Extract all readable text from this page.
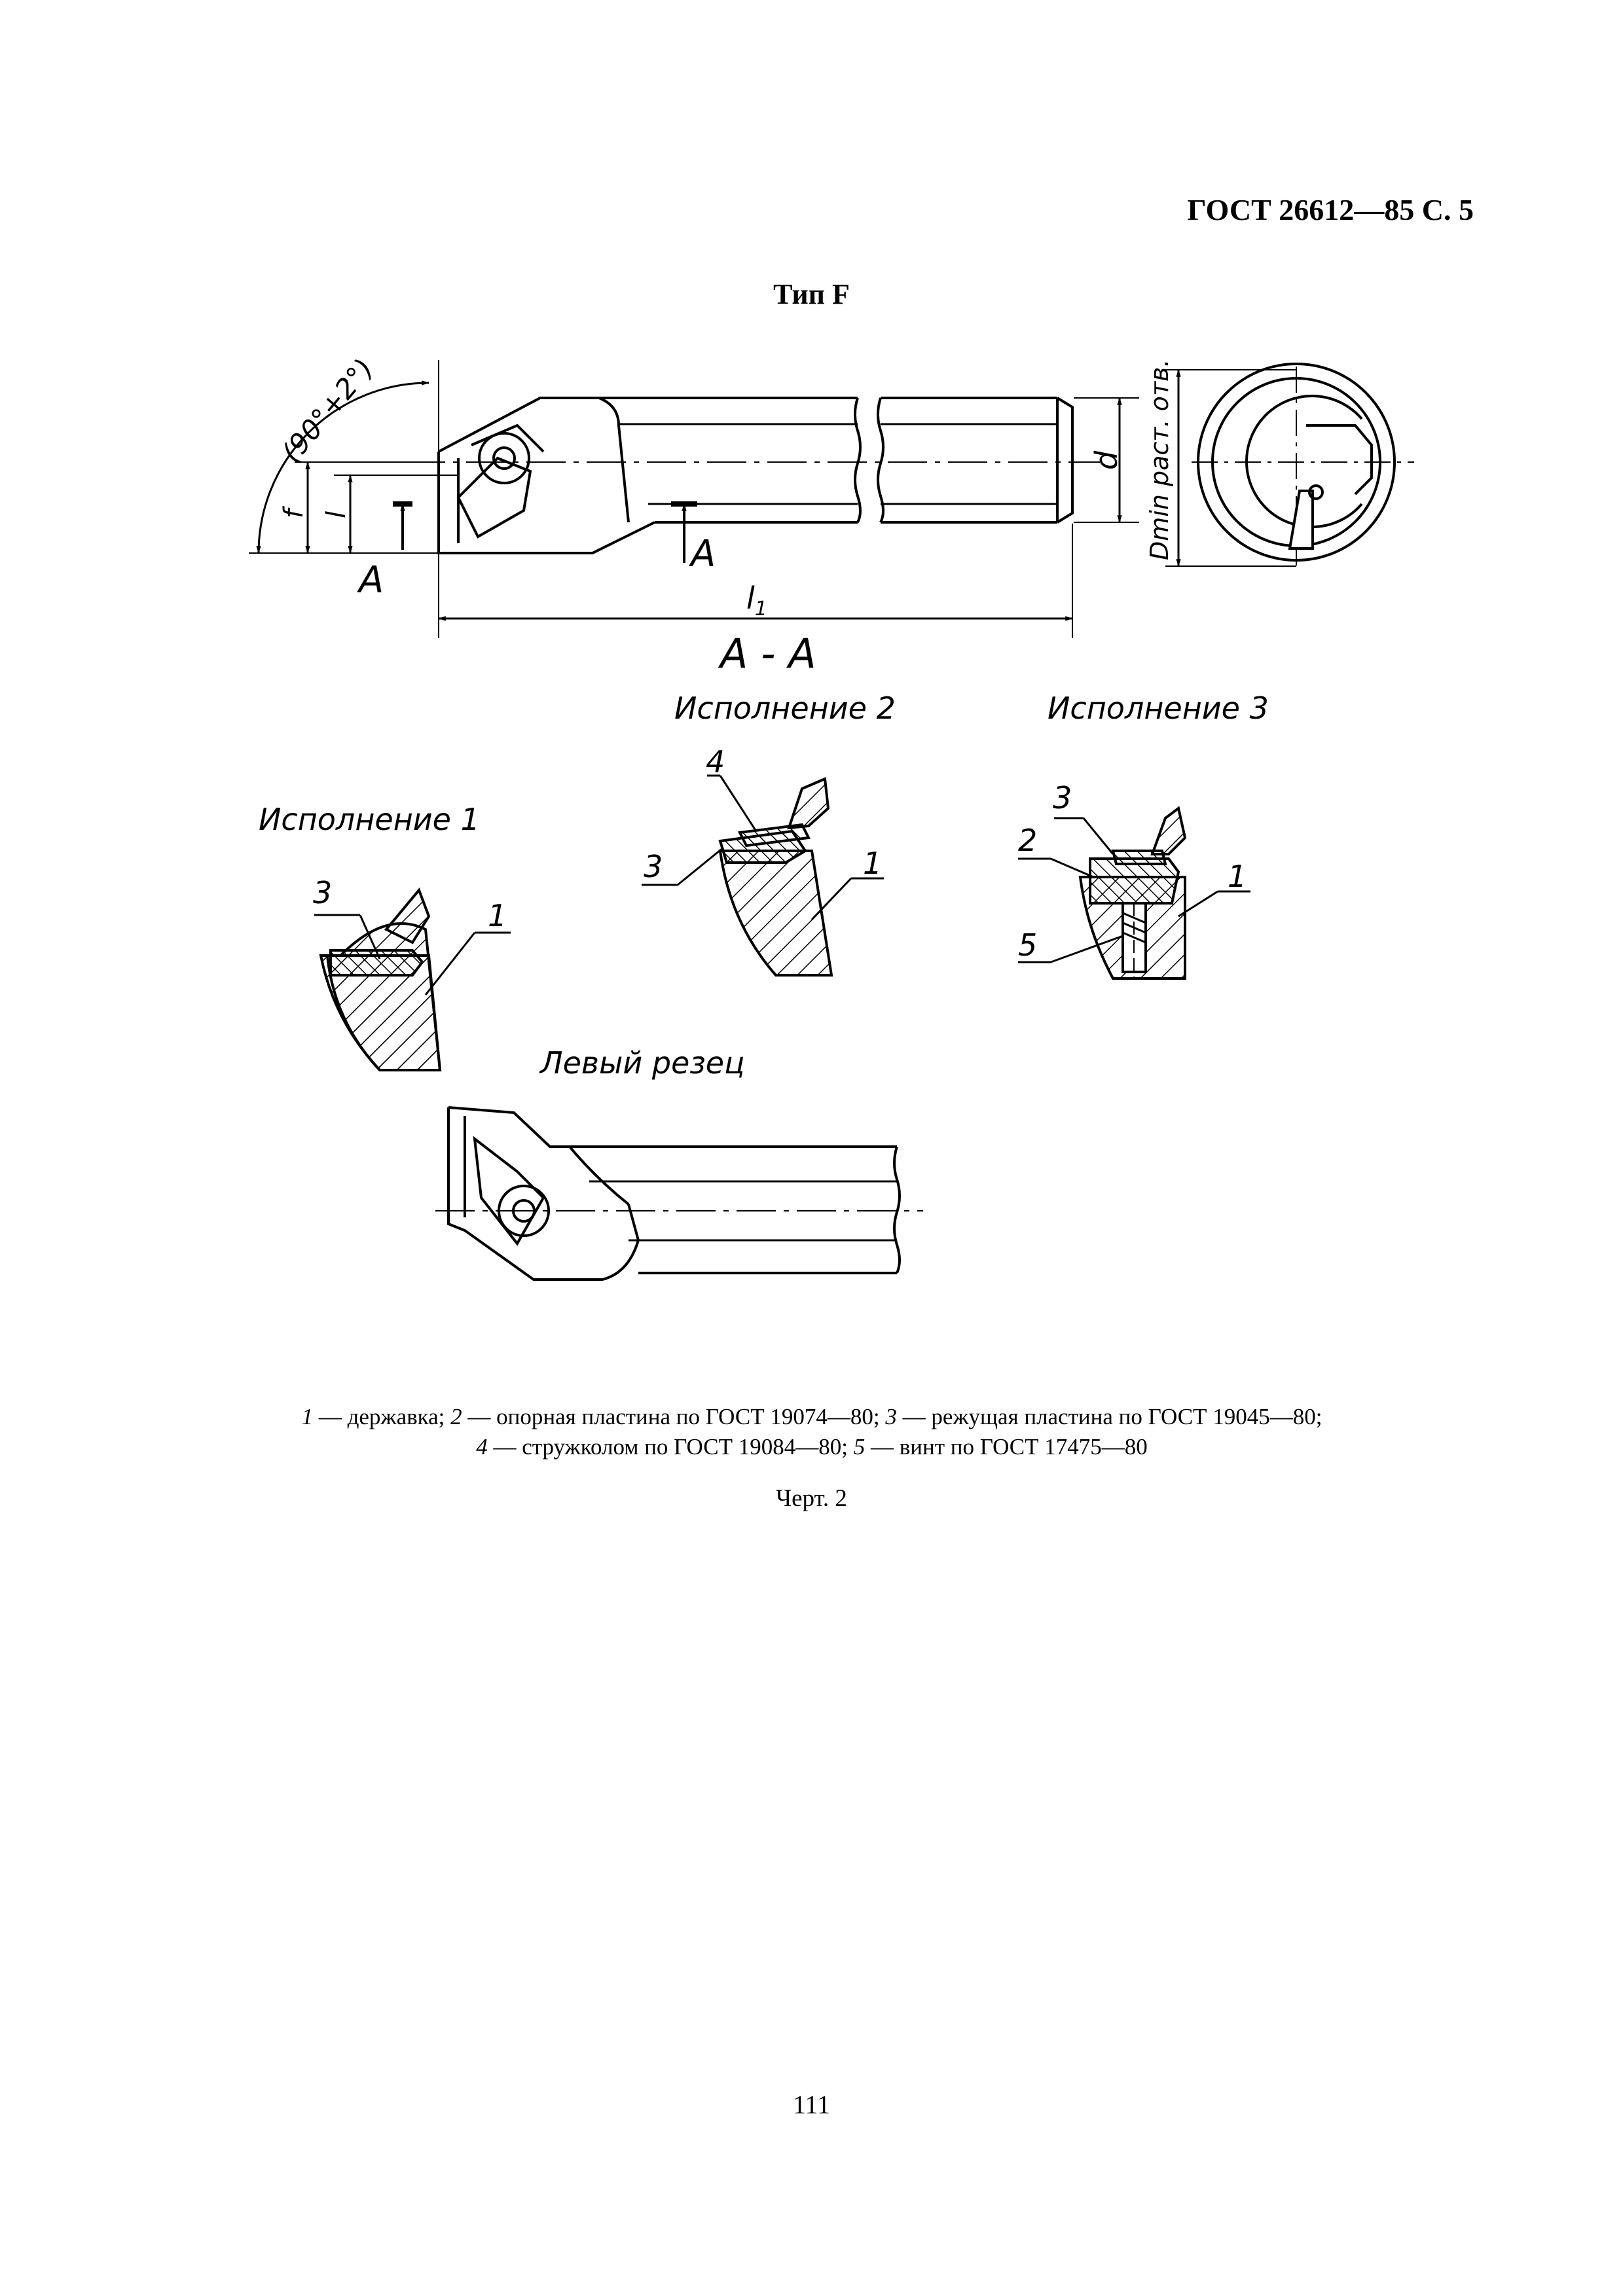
ГОСТ 26612—85 С. 5
Тип F
(90°+2°)
f l
d Dmin раст. отв.
A
A
$l_1$
A - A
Исполнение 2	Исполнение 3
Исполнение 1
3
1
4
3	1
3
2
5
1
Левый резец
1 — державка; 2 — опорная пластина по ГОСТ 19074—80; 3 — режущая пластина по ГОСТ 19045—80;
4 — стружколом по ГОСТ 19084—80; 5 — винт по ГОСТ 17475—80
Черт. 2
111
